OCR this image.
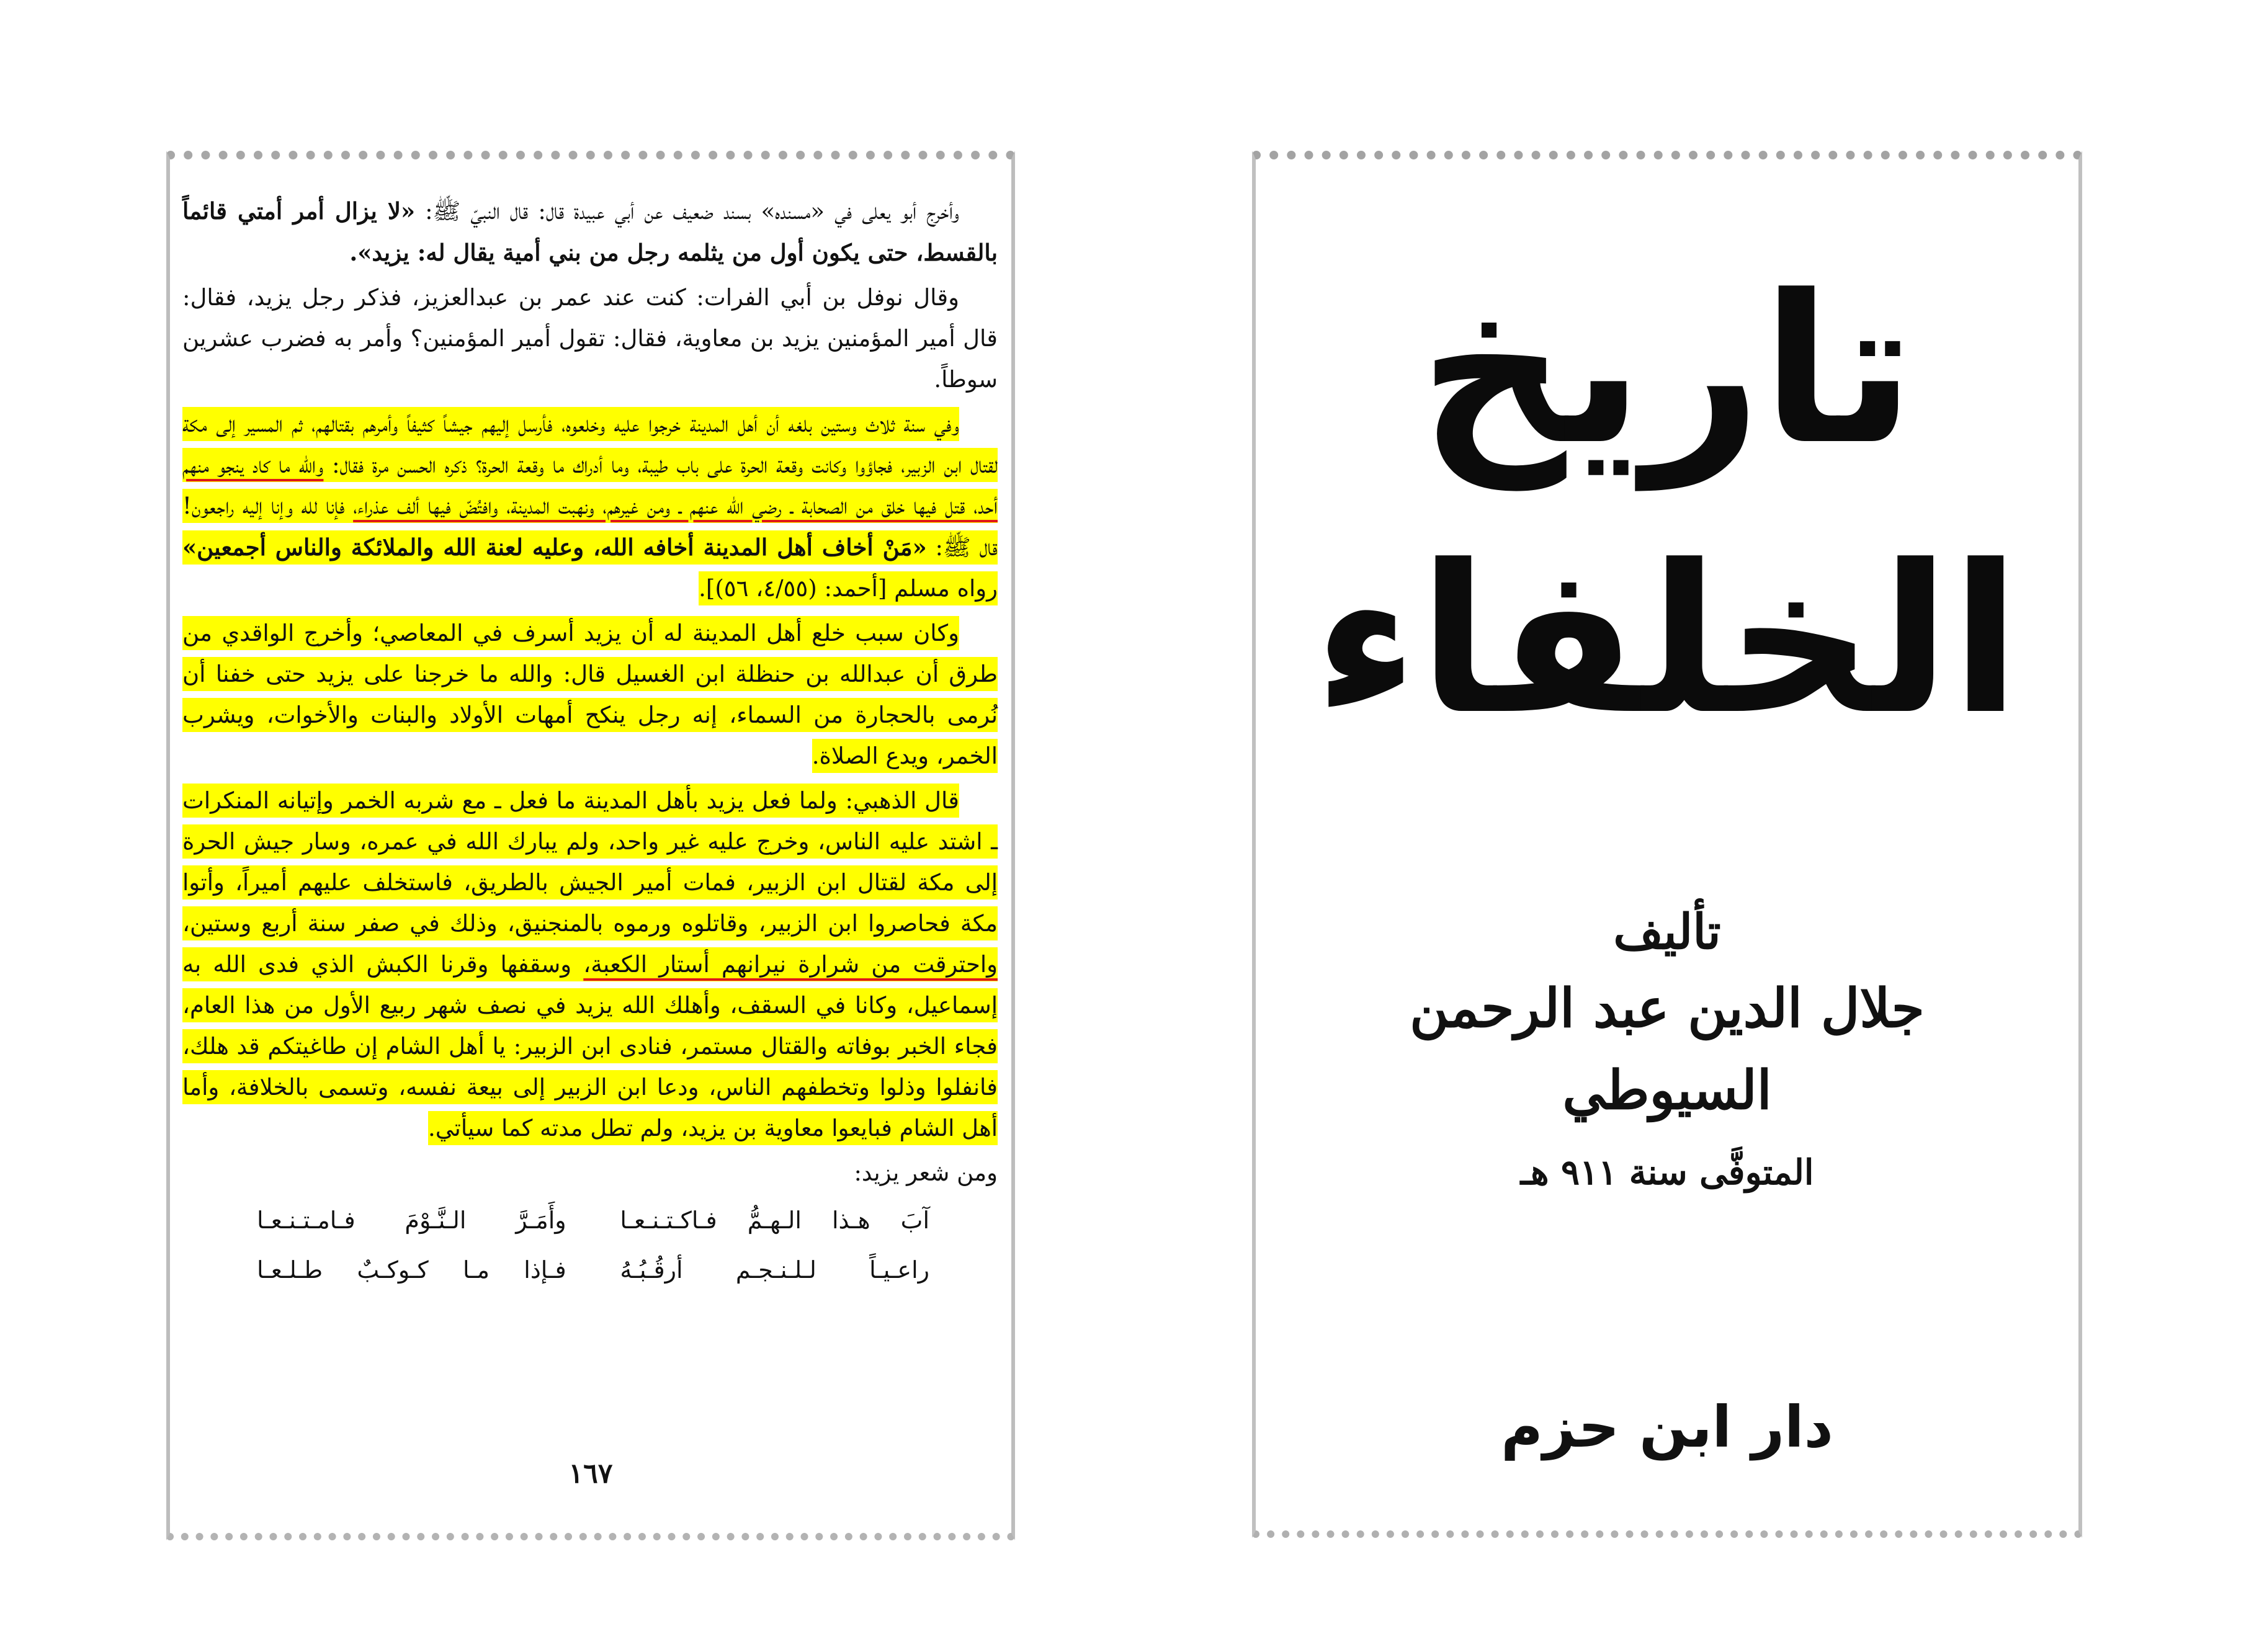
وأخرج أبو يعلى في «مسنده» بسند ضعيف عن أبي عبيدة قال: قال النبيّ ﷺ: «لا يزال أمر أمتي قائماً بالقسط، حتى يكون أول من يثلمه رجل من بني أمية يقال له: يزيد».

وقال نوفل بن أبي الفرات: كنت عند عمر بن عبدالعزيز، فذكر رجل يزيد، فقال: قال أمير المؤمنين يزيد بن معاوية، فقال: تقول أمير المؤمنين؟ وأمر به فضرب عشرين سوطاً.

وفي سنة ثلاث وستين بلغه أن أهل المدينة خرجوا عليه وخلعوه، فأرسل إليهم جيشاً كثيفاً وأمرهم بقتالهم، ثم المسير إلى مكة لقتال ابن الزبير، فجاؤوا وكانت وقعة الحرة على باب طيبة، وما أدراك ما وقعة الحرة؟ ذكره الحسن مرة فقال: والله ما كاد ينجو منهم أحد، قتل فيها خلق من الصحابة ـ رضي الله عنهم ـ ومن غيرهم، ونهبت المدينة، وافتُضّ فيها ألف عذراء، فإنا لله وإنا إليه راجعون! قال ﷺ: «مَنْ أخاف أهل المدينة أخافه الله، وعليه لعنة الله والملائكة والناس أجمعين» رواه مسلم [أحمد: (٤/٥٥، ٥٦)].

وكان سبب خلع أهل المدينة له أن يزيد أسرف في المعاصي؛ وأخرج الواقدي من طرق أن عبدالله بن حنظلة ابن الغسيل قال: والله ما خرجنا على يزيد حتى خفنا أن نُرمى بالحجارة من السماء، إنه رجل ينكح أمهات الأولاد والبنات والأخوات، ويشرب الخمر، ويدع الصلاة.

قال الذهبي: ولما فعل يزيد بأهل المدينة ما فعل ـ مع شربه الخمر وإتيانه المنكرات ـ اشتد عليه الناس، وخرج عليه غير واحد، ولم يبارك الله في عمره، وسار جيش الحرة إلى مكة لقتال ابن الزبير، فمات أمير الجيش بالطريق، فاستخلف عليهم أميراً، وأتوا مكة فحاصروا ابن الزبير، وقاتلوه ورموه بالمنجنيق، وذلك في صفر سنة أربع وستين، واحترقت من شرارة نيرانهم أستار الكعبة، وسقفها وقرنا الكبش الذي فدى الله به إسماعيل، وكانا في السقف، وأهلك الله يزيد في نصف شهر ربيع الأول من هذا العام، فجاء الخبر بوفاته والقتال مستمر، فنادى ابن الزبير: يا أهل الشام إن طاغيتكم قد هلك، فانفلوا وذلوا وتخطفهم الناس، ودعا ابن الزبير إلى بيعة نفسه، وتسمى بالخلافة، وأما أهل الشام فبايعوا معاوية بن يزيد، ولم تطل مدته كما سيأتي.

ومن شعر يزيد:

آبَ هـذا الـهـمُّ فـاكـتـنـعـا
وأَمَـرَّ الـنَّـوْمَ فـامـتـنـعـا
راعـيـاً لـلـنـجـم أرقُـبُـهُ
فـإذا مـا كـوكـبٌ طـلـعـا
١٦٧
تاريخ
الخلفاء
تأليف
جلال الدين عبد الرحمن
السيوطي
المتوفَّى سنة ٩١١ هـ
دار ابن حزم
